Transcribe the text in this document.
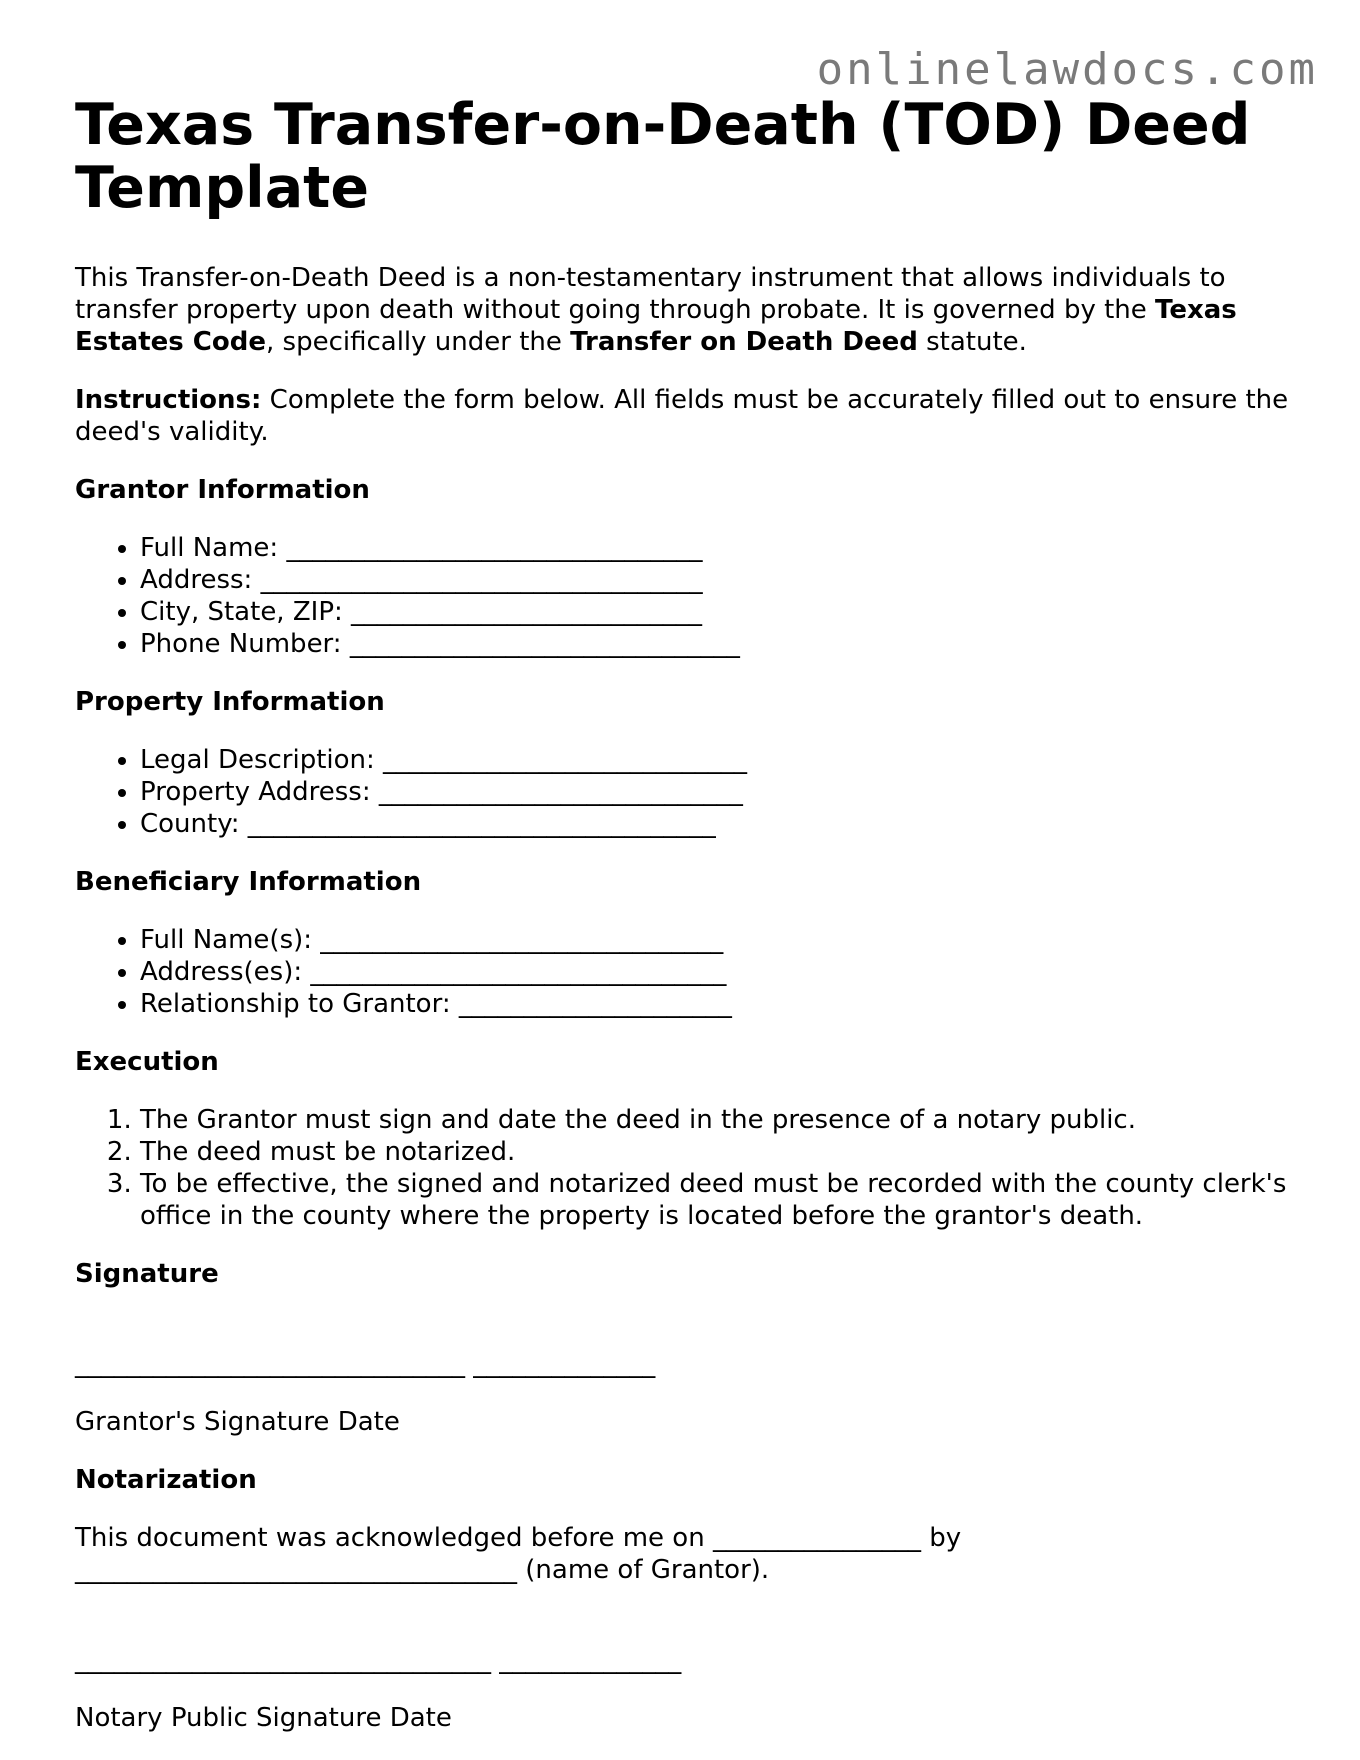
onlinelawdocs.com
Texas Transfer-on-Death (TOD) Deed Template

This Transfer-on-Death Deed is a non-testamentary instrument that allows individuals to transfer property upon death without going through probate. It is governed by the Texas Estates Code, specifically under the Transfer on Death Deed statute.

Instructions: Complete the form below. All fields must be accurately filled out to ensure the deed's validity.

Grantor Information
• Full Name: ________________________________
• Address: __________________________________
• City, State, ZIP: ___________________________
• Phone Number: ______________________________
Property Information
• Legal Description: ____________________________
• Property Address: ____________________________
• County: ____________________________________
Beneficiary Information
• Full Name(s): _______________________________
• Address(es): ________________________________
• Relationship to Grantor: _____________________
Execution
1. The Grantor must sign and date the deed in the presence of a notary public.
2. The deed must be notarized.
3. To be effective, the signed and notarized deed must be recorded with the county clerk's office in the county where the property is located before the grantor's death.
Signature

______________________________ ______________

Grantor's Signature Date

Notarization

This document was acknowledged before me on ________________ by __________________________________ (name of Grantor).

________________________________ ______________

Notary Public Signature Date
